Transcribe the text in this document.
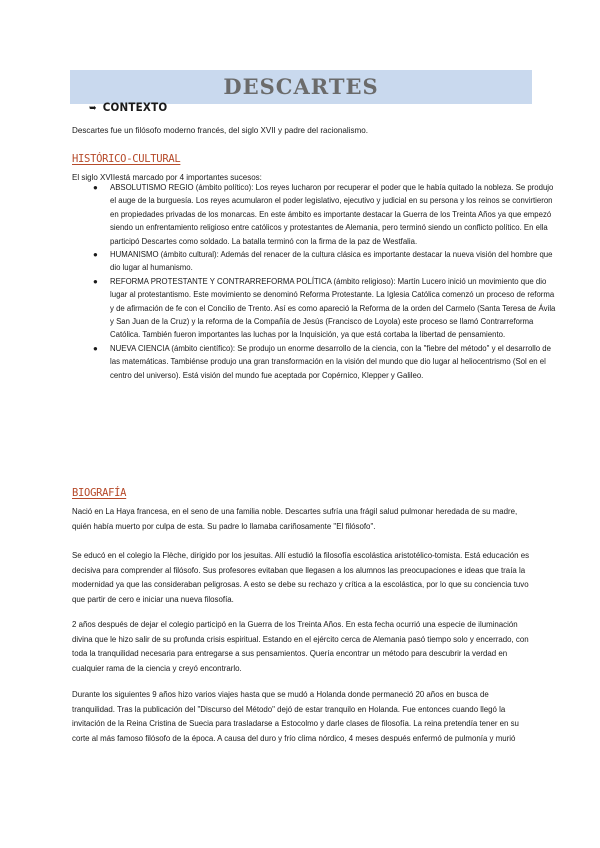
DESCARTES
➥ CONTEXTO
Descartes fue un filósofo moderno francés, del siglo XVII y padre del racionalismo.
HISTÓRICO-CULTURAL
El siglo XVIIestá marcado por 4 importantes sucesos:
● ABSOLUTISMO REGIO (ámbito político): Los reyes lucharon por recuperar el poder que le había quitado la nobleza. Se produjo el auge de la burguesía. Los reyes acumularon el poder legislativo, ejecutivo y judicial en su persona y los reinos se convirtieron en propiedades privadas de los monarcas. En este ámbito es importante destacar la Guerra de los Treinta Años ya que empezó siendo un enfrentamiento religioso entre católicos y protestantes de Alemania, pero terminó siendo un conflicto político. En ella participó Descartes como soldado. La batalla terminó con la firma de la paz de Westfalia.
● HUMANISMO (ámbito cultural): Además del renacer de la cultura clásica es importante destacar la nueva visión del hombre que dio lugar al humanismo.
● REFORMA PROTESTANTE Y CONTRARREFORMA POLÍTICA (ámbito religioso): Martín Lucero inició un movimiento que dio lugar al protestantismo. Este movimiento se denominó Reforma Protestante. La Iglesia Católica comenzó un proceso de reforma y de afirmación de fe con el Concilio de Trento. Así es como apareció la Reforma de la orden del Carmelo (Santa Teresa de Ávila y San Juan de la Cruz) y la reforma de la Compañía de Jesús (Francisco de Loyola) este proceso se llamó Contrarreforma Católica. También fueron importantes las luchas por la Inquisición, ya que está cortaba la libertad de pensamiento.
● NUEVA CIENCIA (ámbito científico): Se produjo un enorme desarrollo de la ciencia, con la "fiebre del método" y el desarrollo de las matemáticas. Tambiénse produjo una gran transformación en la visión del mundo que dio lugar al heliocentrismo (Sol en el centro del universo). Está visión del mundo fue aceptada por Copérnico, Klepper y Galileo.
BIOGRAFÍA
Nació en La Haya francesa, en el seno de una familia noble. Descartes sufría una frágil salud pulmonar heredada de su madre, quién había muerto por culpa de esta. Su padre lo llamaba cariñosamente "El filósofo".
Se educó en el colegio la Flèche, dirigido por los jesuitas. Allí estudió la filosofía escolástica aristotélico-tomista. Está educación es decisiva para comprender al filósofo. Sus profesores evitaban que llegasen a los alumnos las preocupaciones e ideas que traía la modernidad ya que las consideraban peligrosas. A esto se debe su rechazo y crítica a la escolástica, por lo que su conciencia tuvo que partir de cero e iniciar una nueva filosofía.
2 años después de dejar el colegio participó en la Guerra de los Treinta Años. En esta fecha ocurrió una especie de iluminación divina que le hizo salir de su profunda crisis espiritual. Estando en el ejército cerca de Alemania pasó tiempo solo y encerrado, con toda la tranquilidad necesaria para entregarse a sus pensamientos. Quería encontrar un método para descubrir la verdad en cualquier rama de la ciencia y creyó encontrarlo.
Durante los siguientes 9 años hizo varios viajes hasta que se mudó a Holanda donde permaneció 20 años en busca de tranquilidad. Tras la publicación del "Discurso del Método" dejó de estar tranquilo en Holanda. Fue entonces cuando llegó la invitación de la Reina Cristina de Suecia para trasladarse a Estocolmo y darle clases de filosofía. La reina pretendía tener en su corte al más famoso filósofo de la época. A causa del duro y frío clima nórdico, 4 meses después enfermó de pulmonía y murió
